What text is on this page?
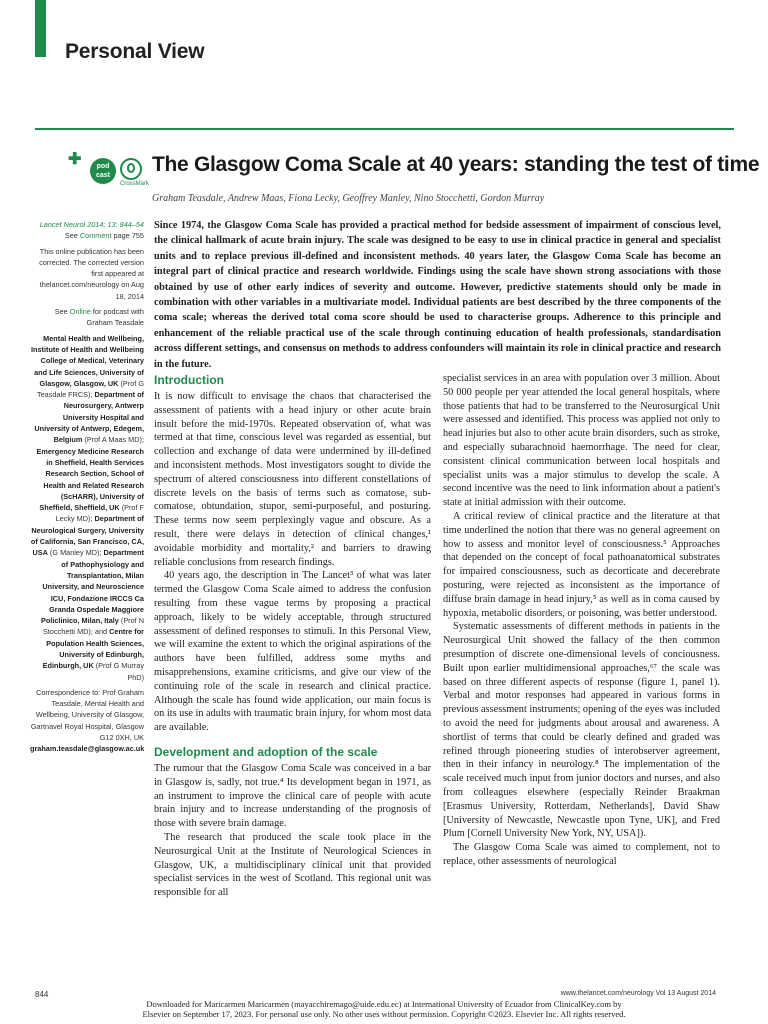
Personal View
✚	pod cast
CrossMark
The Glasgow Coma Scale at 40 years: standing the test of time
Graham Teasdale, Andrew Maas, Fiona Lecky, Geoffrey Manley, Nino Stocchetti, Gordon Murray

Lancet Neurol 2014; 13: 844–54

See Comment page 755

This online publication has been corrected. The corrected version first appeared at thelancet.com/neurology on Aug 18, 2014

See Online for podcast with Graham Teasdale

Mental Health and Wellbeing, Institute of Health and Wellbeing College of Medical, Veterinary and Life Sciences, University of Glasgow, Glasgow, UK (Prof G Teasdale FRCS); Department of Neurosurgery, Antwerp University Hospital and University of Antwerp, Edegem, Belgium (Prof A Maas MD); Emergency Medicine Research in Sheffield, Health Services Research Section, School of Health and Related Research (ScHARR), University of Sheffield, Sheffield, UK (Prof F Lecky MD); Department of Neurological Surgery, University of California, San Francisco, CA, USA (G Manley MD); Department of Pathophysiology and Transplantation, Milan University, and Neuroscience ICU, Fondazione IRCCS Ca Granda Ospedale Maggiore Policlinico, Milan, Italy (Prof N Stocchetti MD); and Centre for Population Health Sciences, University of Edinburgh, Edinburgh, UK (Prof G Murray PhD)

Correspondence to: Prof Graham Teasdale, Mental Health and Wellbeing, University of Glasgow, Gartnavel Royal Hospital, Glasgow G12 0XH, UK

graham.teasdale@glasgow.ac.uk

Since 1974, the Glasgow Coma Scale has provided a practical method for bedside assessment of impairment of conscious level, the clinical hallmark of acute brain injury. The scale was designed to be easy to use in clinical practice in general and specialist units and to replace previous ill-defined and inconsistent methods. 40 years later, the Glasgow Coma Scale has become an integral part of clinical practice and research worldwide. Findings using the scale have shown strong associations with those obtained by use of other early indices of severity and outcome. However, predictive statements should only be made in combination with other variables in a multivariate model. Individual patients are best described by the three components of the coma scale; whereas the derived total coma score should be used to characterise groups. Adherence to this principle and enhancement of the reliable practical use of the scale through continuing education of health professionals, standardisation across different settings, and consensus on methods to address confounders will maintain its role in clinical practice and research in the future.

Introduction

It is now difficult to envisage the chaos that characterised the assessment of patients with a head injury or other acute brain insult before the mid-1970s. Repeated observation of, what was termed at that time, conscious level was regarded as essential, but collection and exchange of data were undermined by ill-defined and inconsistent methods. Most investigators sought to divide the spectrum of altered consciousness into different constellations of discrete levels on the basis of terms such as comatose, sub-comatose, obtundation, stupor, semi-purposeful, and posturing. These terms now seem perplexingly vague and obscure. As a result, there were delays in detection of clinical changes,¹ avoidable morbidity and mortality,² and barriers to drawing reliable conclusions from research findings.

40 years ago, the description in The Lancet³ of what was later termed the Glasgow Coma Scale aimed to address the confusion resulting from these vague terms by proposing a practical approach, likely to be widely acceptable, through structured assessment of defined responses to stimuli. In this Personal View, we will examine the extent to which the original aspirations of the authors have been fulfilled, address some myths and misapprehensions, examine criticisms, and give our view of the continuing role of the scale in research and clinical practice. Although the scale has found wide application, our main focus is on its use in adults with traumatic brain injury, for whom most data are available.

Development and adoption of the scale

The rumour that the Glasgow Coma Scale was conceived in a bar in Glasgow is, sadly, not true.⁴ Its development began in 1971, as an instrument to improve the clinical care of people with acute brain injury and to increase understanding of the prognosis of those with severe brain damage.

The research that produced the scale took place in the Neurosurgical Unit at the Institute of Neurological Sciences in Glasgow, UK, a multidisciplinary clinical unit that provided specialist services in the west of Scotland. This regional unit was responsible for all

specialist services in an area with population over 3 million. About 50 000 people per year attended the local general hospitals, where those patients that had to be transferred to the Neurosurgical Unit were assessed and identified. This process was applied not only to head injuries but also to other acute brain disorders, such as stroke, and especially subarachnoid haemorrhage. The need for clear, consistent clinical communication between local hospitals and specialist units was a major stimulus to develop the scale. A second incentive was the need to link information about a patient's state at initial admission with their outcome.

A critical review of clinical practice and the literature at that time underlined the notion that there was no general agreement on how to assess and monitor level of consciousness.⁵ Approaches that depended on the concept of focal pathoanatomical substrates for impaired consciousness, such as decorticate and decerebrate posturing, were rejected as inconsistent as the importance of diffuse brain damage in head injury,⁵ as well as in coma caused by hypoxia, metabolic disorders, or poisoning, was better understood.

Systematic assessments of different methods in patients in the Neurosurgical Unit showed the fallacy of the then common presumption of discrete one-dimensional levels of conciousness. Built upon earlier multidimensional approaches,⁶⁷ the scale was based on three different aspects of response (figure 1, panel 1). Verbal and motor responses had appeared in various forms in previous assessment instruments; opening of the eyes was included to avoid the need for judgments about arousal and awareness. A shortlist of terms that could be clearly defined and graded was refined through pioneering studies of interobserver agreement, then in their infancy in neurology.⁸ The implementation of the scale received much input from junior doctors and nurses, and also from colleagues elsewhere (especially Reinder Braakman [Erasmus University, Rotterdam, Netherlands], David Shaw [University of Newcastle, Newcastle upon Tyne, UK], and Fred Plum [Cornell University New York, NY, USA]).

The Glasgow Coma Scale was aimed to complement, not to replace, other assessments of neurological

844	www.thelancet.com/neurology Vol 13 August 2014
Downloaded for Maricarmen Maricarmen (mayacchiremago@uide.edu.ec) at International University of Ecuador from ClinicalKey.com by
Elsevier on September 17, 2023. For personal use only. No other uses without permission. Copyright ©2023. Elsevier Inc. All rights reserved.
